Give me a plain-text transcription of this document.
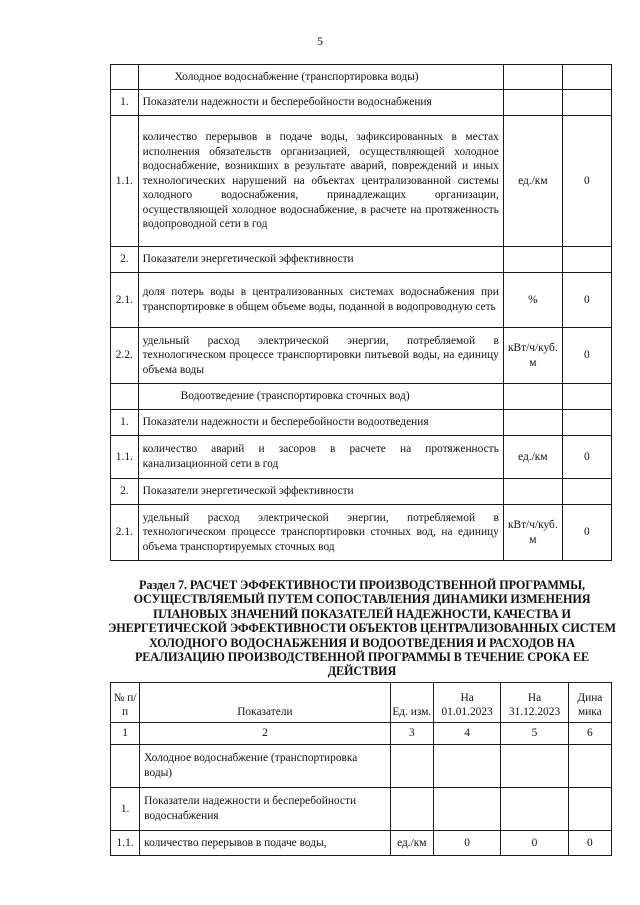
5
	Холодное водоснабжение (транспортировка воды)		
1.	Показатели надежности и бесперебойности водоснабжения		
1.1.	количество перерывов в подаче воды, зафиксированных в местах исполнения обязательств организацией, осуществляющей холодное водоснабжение, возникших в результате аварий, повреждений и иных технологических нарушений на объектах централизованной системы холодного водоснабжения, принадлежащих организации, осуществляющей холодное водоснабжение, в расчете на протяженность водопроводной сети в год	ед./км	0
2.	Показатели энергетической эффективности		
2.1.	доля потерь воды в централизованных системах водоснабжения при транспортировке в общем объеме воды, поданной в водопроводную сеть	%	0
2.2.	удельный расход электрической энергии, потребляемой в технологическом процессе транспортировки питьевой воды, на единицу объема воды	кВт/ч/куб. м	0
	Водоотведение (транспортировка сточных вод)		
1.	Показатели надежности и бесперебойности водоотведения		
1.1.	количество аварий и засоров в расчете на протяженность канализационной сети в год	ед./км	0
2.	Показатели энергетической эффективности		
2.1.	удельный расход электрической энергии, потребляемой в технологическом процессе транспортировки сточных вод, на единицу объема транспортируемых сточных вод	кВт/ч/куб. м	0
Раздел 7. РАСЧЕТ ЭФФЕКТИВНОСТИ ПРОИЗВОДСТВЕННОЙ ПРОГРАММЫ, ОСУЩЕСТВЛЯЕМЫЙ ПУТЕМ СОПОСТАВЛЕНИЯ ДИНАМИКИ ИЗМЕНЕНИЯ ПЛАНОВЫХ ЗНАЧЕНИЙ ПОКАЗАТЕЛЕЙ НАДЕЖНОСТИ, КАЧЕСТВА И ЭНЕРГЕТИЧЕСКОЙ ЭФФЕКТИВНОСТИ ОБЪЕКТОВ ЦЕНТРАЛИЗОВАННЫХ СИСТЕМ ХОЛОДНОГО ВОДОСНАБЖЕНИЯ И ВОДООТВЕДЕНИЯ И РАСХОДОВ НА РЕАЛИЗАЦИЮ ПРОИЗВОДСТВЕННОЙ ПРОГРАММЫ В ТЕЧЕНИЕ СРОКА ЕЕ ДЕЙСТВИЯ
№ п/п	Показатели	Ед. изм.	На 01.01.2023	На 31.12.2023	Дина мика
1	2	3	4	5	6
	Холодное водоснабжение (транспортировка воды)				
1.	Показатели надежности и бесперебойности водоснабжения				
1.1.	количество перерывов в подаче воды,	ед./км	0	0	0
